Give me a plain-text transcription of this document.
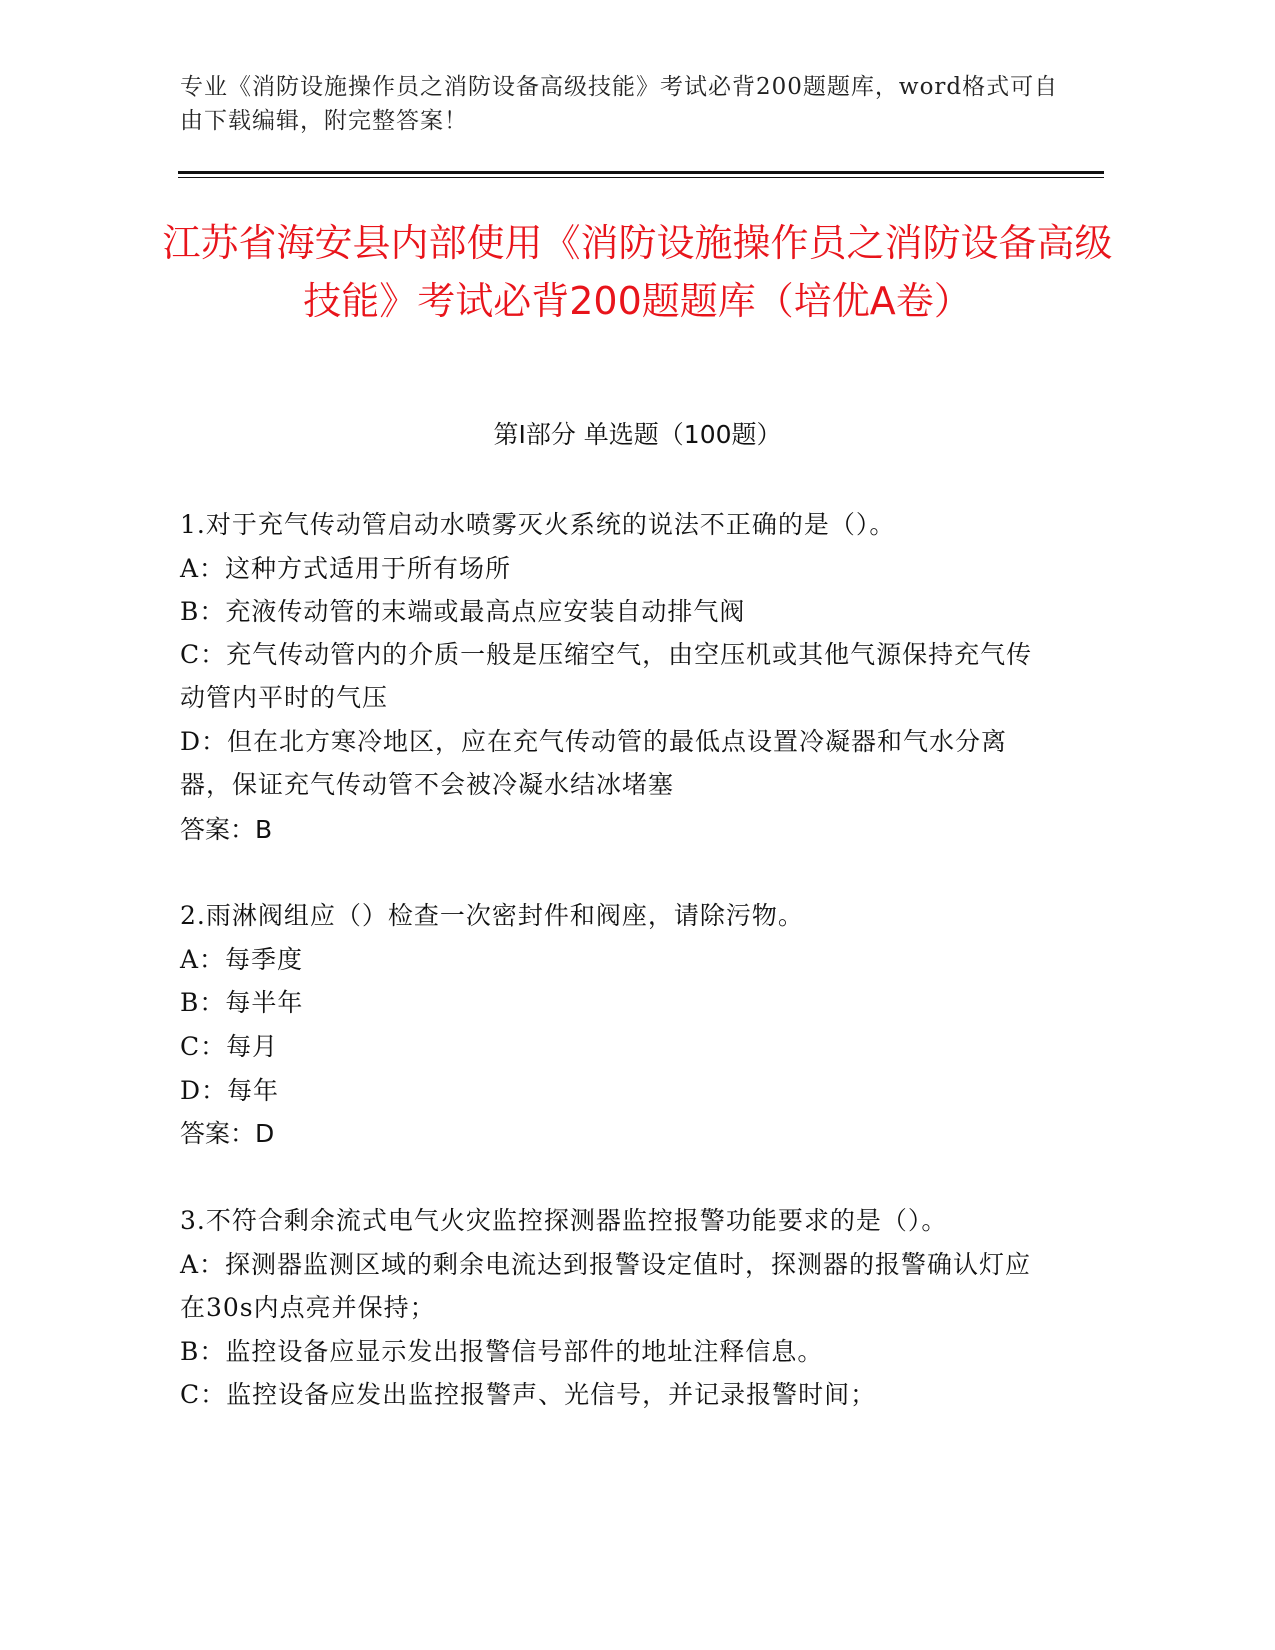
专业《消防设施操作员之消防设备高级技能》考试必背200题题库，word格式可自由下载编辑，附完整答案！
江苏省海安县内部使用《消防设施操作员之消防设备高级技能》考试必背200题题库（培优A卷）
第I部分 单选题（100题）

1.对于充气传动管启动水喷雾灭火系统的说法不正确的是（）。

A：这种方式适用于所有场所

B：充液传动管的末端或最高点应安装自动排气阀

C：充气传动管内的介质一般是压缩空气，由空压机或其他气源保持充气传动管内平时的气压

D：但在北方寒冷地区，应在充气传动管的最低点设置冷凝器和气水分离器，保证充气传动管不会被冷凝水结冰堵塞

答案：B

2.雨淋阀组应（）检查一次密封件和阀座，请除污物。

A：每季度

B：每半年

C：每月

D：每年

答案：D

3.不符合剩余流式电气火灾监控探测器监控报警功能要求的是（）。

A：探测器监测区域的剩余电流达到报警设定值时，探测器的报警确认灯应在30s内点亮并保持；

B：监控设备应显示发出报警信号部件的地址注释信息。

C：监控设备应发出监控报警声、光信号，并记录报警时间；
